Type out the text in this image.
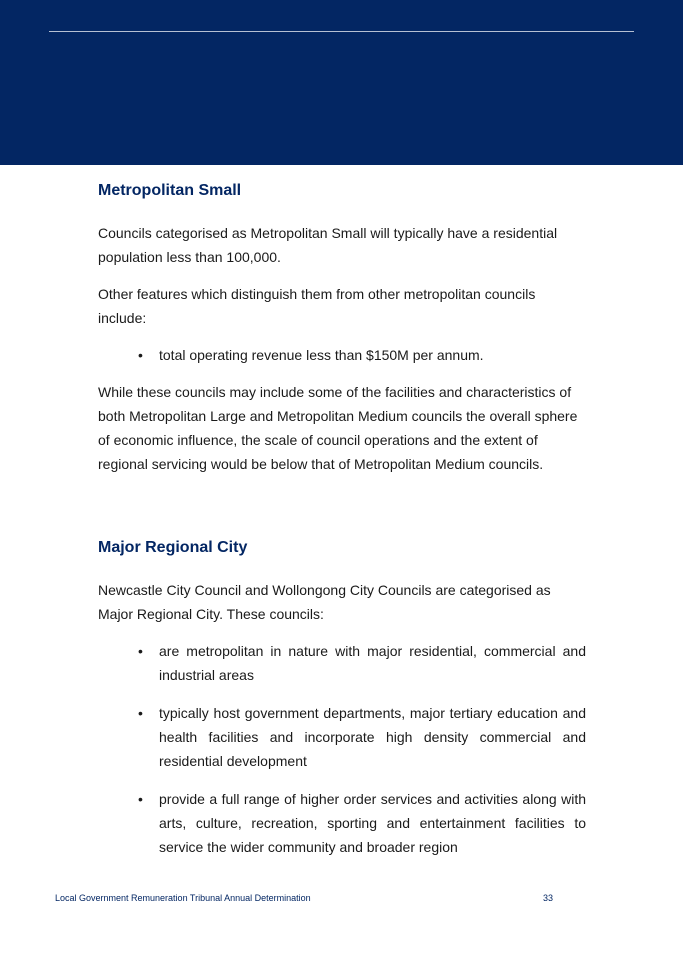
Metropolitan Small

Councils categorised as Metropolitan Small will typically have a residential population less than 100,000.

Other features which distinguish them from other metropolitan councils include:

• total operating revenue less than $150M per annum.

While these councils may include some of the facilities and characteristics of both Metropolitan Large and Metropolitan Medium councils the overall sphere of economic influence, the scale of council operations and the extent of regional servicing would be below that of Metropolitan Medium councils.

Major Regional City

Newcastle City Council and Wollongong City Councils are categorised as Major Regional City. These councils:

• are metropolitan in nature with major residential, commercial and industrial areas
• typically host government departments, major tertiary education and health facilities and incorporate high density commercial and residential development
• provide a full range of higher order services and activities along with arts, culture, recreation, sporting and entertainment facilities to service the wider community and broader region
Local Government Remuneration Tribunal Annual Determination	33
